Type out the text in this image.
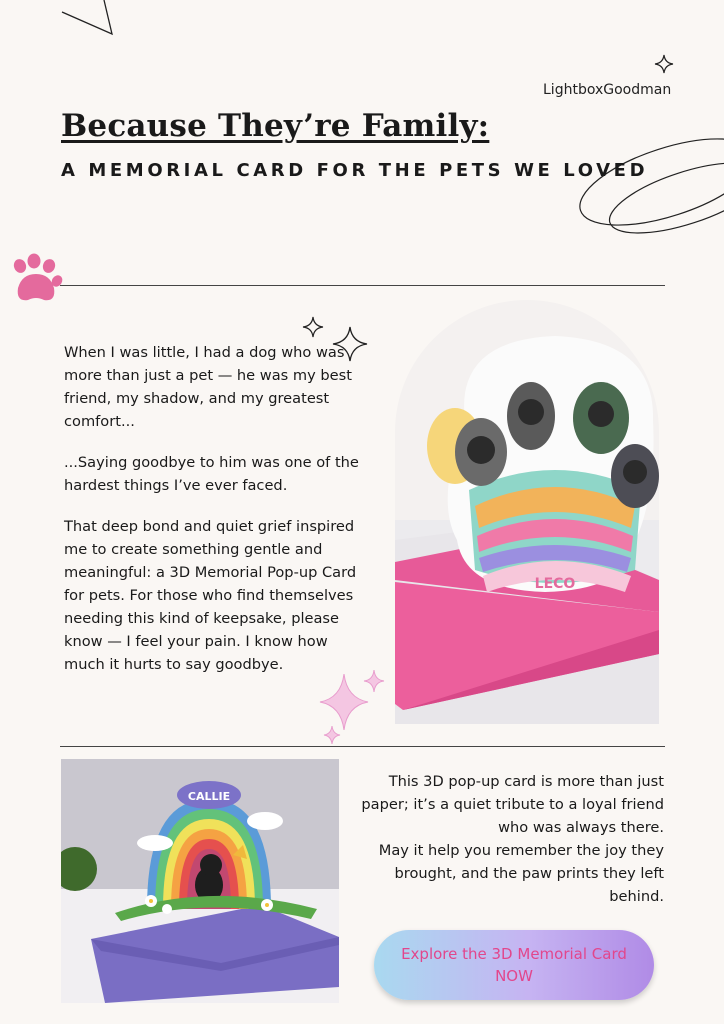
LightboxGoodman
Because They’re Family:
A MEMORIAL CARD FOR THE PETS WE LOVED

When I was little, I had a dog who was more than just a pet — he was my best friend, my shadow, and my greatest comfort...

...Saying goodbye to him was one of the hardest things I’ve ever faced.

That deep bond and quiet grief inspired me to create something gentle and meaningful: a 3D Memorial Pop-up Card for pets. For those who find themselves needing this kind of keepsake, please know — I feel your pain. I know how much it hurts to say goodbye.

LECO
CALLIE

This 3D pop-up card is more than just paper; it’s a quiet tribute to a loyal friend who was always there.

May it help you remember the joy they brought, and the paw prints they left behind.

Explore the 3D Memorial Card NOW
